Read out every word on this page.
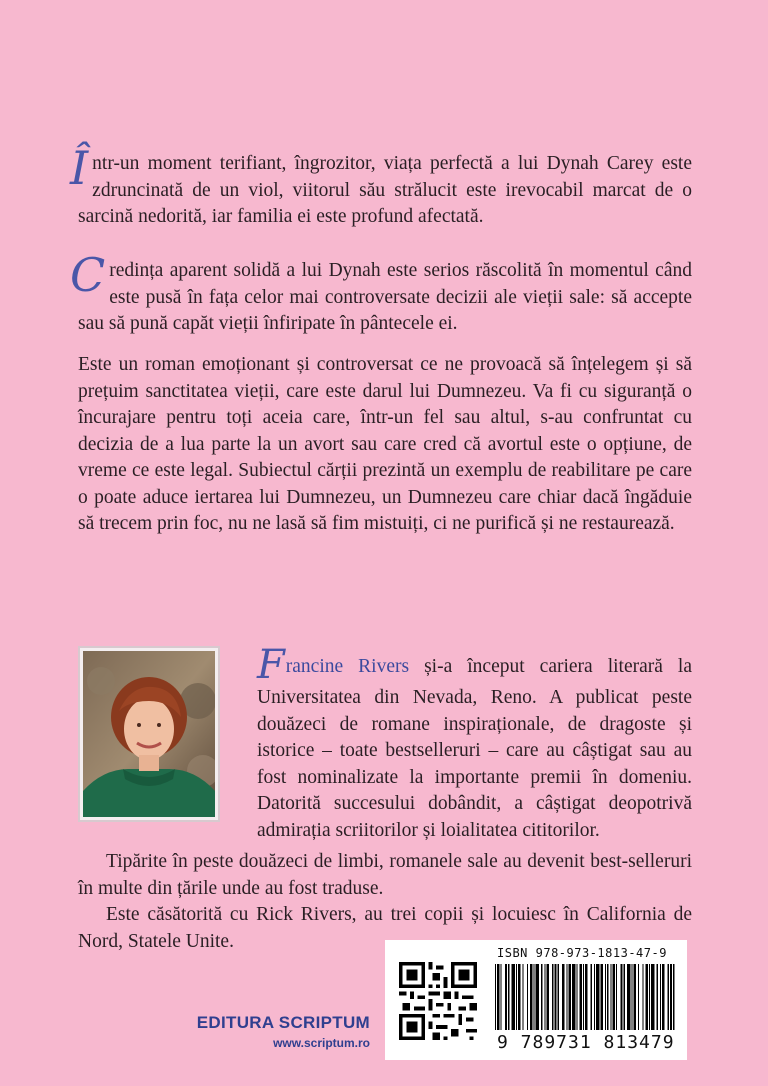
Într-un moment terifiant, îngrozitor, viața perfectă a lui Dynah Carey este zdruncinată de un viol, viitorul său strălucit este irevocabil marcat de o sarcină nedorită, iar familia ei este profund afectată.

Credința aparent solidă a lui Dynah este serios răscolită în momentul când este pusă în fața celor mai controversate decizii ale vieții sale: să accepte sau să pună capăt vieții înfiripate în pântecele ei.

Este un roman emoționant și controversat ce ne provoacă să înțelegem și să prețuim sanctitatea vieții, care este darul lui Dumnezeu. Va fi cu siguranță o încurajare pentru toți aceia care, într-un fel sau altul, s-au confruntat cu decizia de a lua parte la un avort sau care cred că avortul este o opțiune, de vreme ce este legal. Subiectul cărții prezintă un exemplu de reabilitare pe care o poate aduce iertarea lui Dumnezeu, un Dumnezeu care chiar dacă îngăduie să trecem prin foc, nu ne lasă să fim mistuiți, ci ne purifică și ne restaurează.

Francine Rivers și-a început cariera literară la Universitatea din Nevada, Reno. A publicat peste douăzeci de romane inspiraționale, de dragoste și istorice – toate bestselleruri – care au câștigat sau au fost nominalizate la importante premii în domeniu. Datorită succesului dobândit, a câștigat deopotrivă admirația scriitorilor și loialitatea cititorilor.

Tipărite în peste douăzeci de limbi, romanele sale au devenit best-selleruri în multe din țările unde au fost traduse.

Este căsătorită cu Rick Rivers, au trei copii și locuiesc în California de Nord, Statele Unite.

EDITURA SCRIPTUM
www.scriptum.ro
ISBN 978-973-1813-47-9
9 789731 813479
